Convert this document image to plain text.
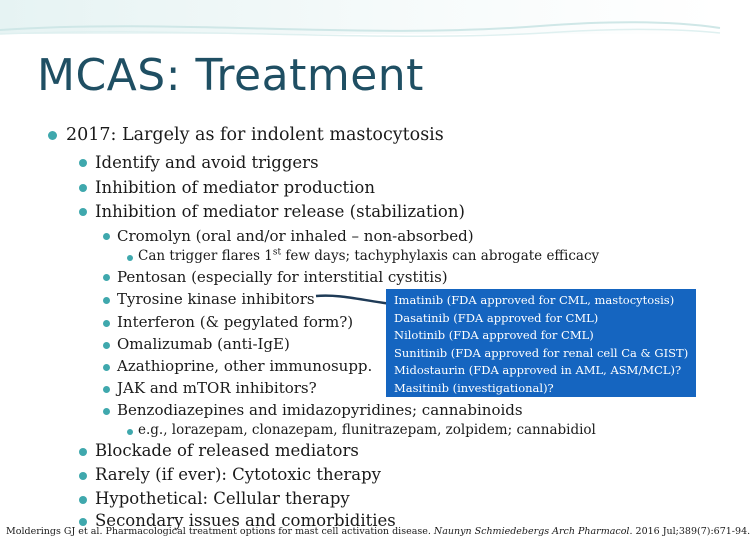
MCAS: Treatment
2017: Largely as for indolent mastocytosis
Identify and avoid triggers
Inhibition of mediator production
Inhibition of mediator release (stabilization)
Cromolyn (oral and/or inhaled – non-absorbed)
Can trigger flares 1st few days; tachyphylaxis can abrogate efficacy
Pentosan (especially for interstitial cystitis)
Tyrosine kinase inhibitors
Interferon (& pegylated form?)
Omalizumab (anti-IgE)
Azathioprine, other immunosupp.
JAK and mTOR inhibitors?
Benzodiazepines and imidazopyridines; cannabinoids
e.g., lorazepam, clonazepam, flunitrazepam, zolpidem; cannabidiol
Imatinib (FDA approved for CML, mastocytosis)
Dasatinib (FDA approved for CML)
Nilotinib (FDA approved for CML)
Sunitinib (FDA approved for renal cell Ca & GIST)
Midostaurin (FDA approved in AML, ASM/MCL)?
Masitinib (investigational)?
Blockade of released mediators
Rarely (if ever): Cytotoxic therapy
Hypothetical: Cellular therapy
Secondary issues and comorbidities
Molderings GJ et al. Pharmacological treatment options for mast cell activation disease. Naunyn Schmiedebergs Arch Pharmacol. 2016 Jul;389(7):671-94.
